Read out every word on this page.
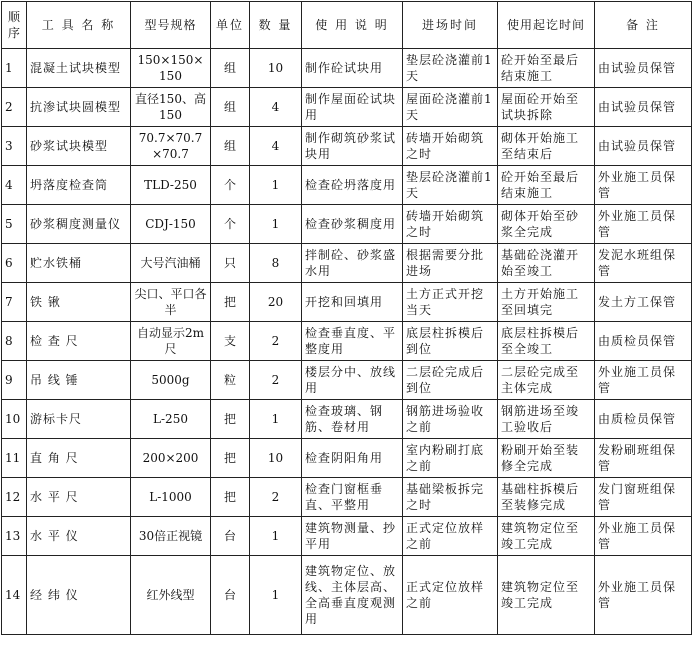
顺序	工 具 名 称	型号规格	单位	数 量	使 用 说 明	进场时间	使用起讫时间	备 注
1	混凝土试块模型	150×150×150	组	10	制作砼试块用	垫层砼浇灌前1天	砼开始至最后结束施工	由试验员保管
2	抗渗试块圆模型	直径150、高150	组	4	制作屋面砼试块用	屋面砼浇灌前1天	屋面砼开始至试块拆除	由试验员保管
3	砂浆试块模型	70.7×70.7×70.7	组	4	制作砌筑砂浆试块用	砖墙开始砌筑之时	砌体开始施工至结束后	由试验员保管
4	坍落度检查筒	TLD-250	个	1	检查砼坍落度用	垫层砼浇灌前1天	砼开始至最后结束施工	外业施工员保管
5	砂浆稠度测量仪	CDJ-150	个	1	检查砂浆稠度用	砖墙开始砌筑之时	砌体开始至砂浆全完成	外业施工员保管
6	贮水铁桶	大号汽油桶	只	8	拌制砼、砂浆盛水用	根据需要分批进场	基础砼浇灌开始至竣工	发泥水班组保管
7	铁 锹	尖口、平口各半	把	20	开挖和回填用	土方正式开挖当天	土方开始施工至回填完	发土方工保管
8	检 查 尺	自动显示2m尺	支	2	检查垂直度、平整度用	底层柱拆模后到位	底层柱拆模后至全竣工	由质检员保管
9	吊 线 锤	5000g	粒	2	楼层分中、放线用	二层砼完成后到位	二层砼完成至主体完成	外业施工员保管
10	游标卡尺	L-250	把	1	检查玻璃、钢筋、卷材用	钢筋进场验收之前	钢筋进场至竣工验收后	由质检员保管
11	直 角 尺	200×200	把	10	检查阴阳角用	室内粉刷打底之前	粉刷开始至装修全完成	发粉刷班组保管
12	水 平 尺	L-1000	把	2	检查门窗框垂直、平整用	基础梁板拆完之时	基础柱拆模后至装修完成	发门窗班组保管
13	水 平 仪	30倍正视镜	台	1	建筑物测量、抄平用	正式定位放样之前	建筑物定位至竣工完成	外业施工员保管
14	经 纬 仪	红外线型	台	1	建筑物定位、放线、主体层高、全高垂直度观测用	正式定位放样之前	建筑物定位至竣工完成	外业施工员保管
